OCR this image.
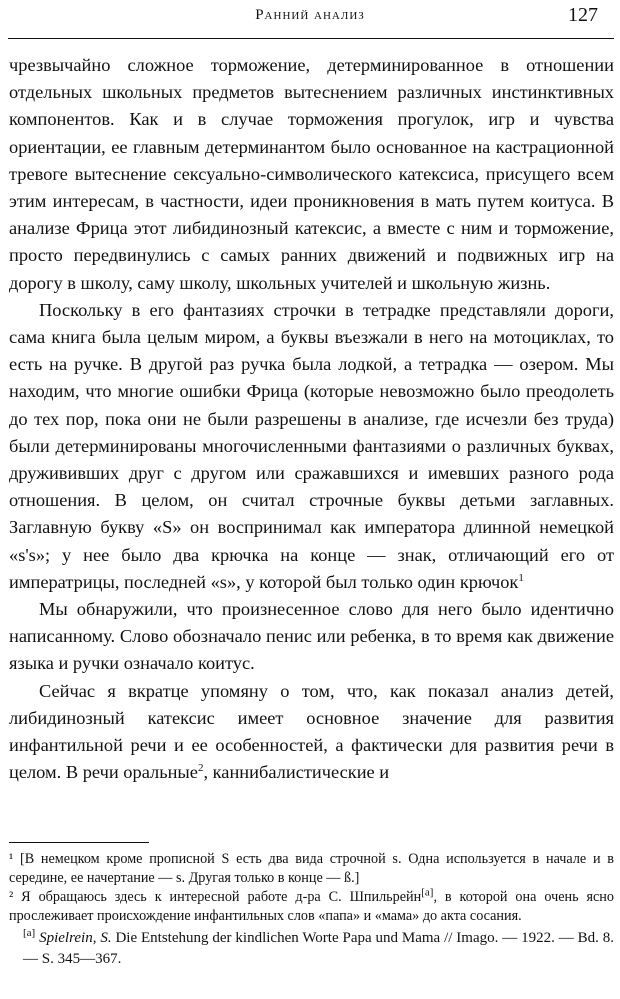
Ранний анализ	127

чрезвычайно сложное торможение, детерминированное в отношении отдельных школьных предметов вытеснением различных инстинктивных компонентов. Как и в случае торможения прогулок, игр и чувства ориентации, ее главным детерминантом было основанное на кастрационной тревоге вытеснение сексуально-символического катексиса, присущего всем этим интересам, в частности, идеи проникновения в мать путем коитуса. В анализе Фрица этот либидинозный катексис, а вместе с ним и торможение, просто передвинулись с самых ранних движений и подвижных игр на дорогу в школу, саму школу, школьных учителей и школьную жизнь.

Поскольку в его фантазиях строчки в тетрадке представляли дороги, сама книга была целым миром, а буквы въезжали в него на мотоциклах, то есть на ручке. В другой раз ручка была лодкой, а тетрадка — озером. Мы находим, что многие ошибки Фрица (которые невозможно было преодолеть до тех пор, пока они не были разрешены в анализе, где исчезли без труда) были детерминированы многочисленными фантазиями о различных буквах, дружививших друг с другом или сражавшихся и имевших разного рода отношения. В целом, он считал строчные буквы детьми заглавных. Заглавную букву «S» он воспринимал как императора длинной немецкой «s's»; у нее было два крючка на конце — знак, отличающий его от императрицы, последней «s», у которой был только один крючок$^1$

Мы обнаружили, что произнесенное слово для него было идентично написанному. Слово обозначало пенис или ребенка, в то время как движение языка и ручки означало коитус.

Сейчас я вкратце упомяну о том, что, как показал анализ детей, либидинозный катексис имеет основное значение для развития инфантильной речи и ее особенностей, а фактически для развития речи в целом. В речи оральные$^2$, каннибалистические и

¹ [В немецком кроме прописной S есть два вида строчной s. Одна используется в начале и в середине, ее начертание — s. Другая только в конце — ß.]

² Я обращаюсь здесь к интересной работе д-ра С. Шпильрейн[a], в которой она очень ясно прослеживает происхождение инфантильных слов «папа» и «мама» до акта сосания.

[a] Spielrein, S. Die Entstehung der kindlichen Worte Papa und Mama // Imago. — 1922. — Bd. 8. — S. 345—367.
